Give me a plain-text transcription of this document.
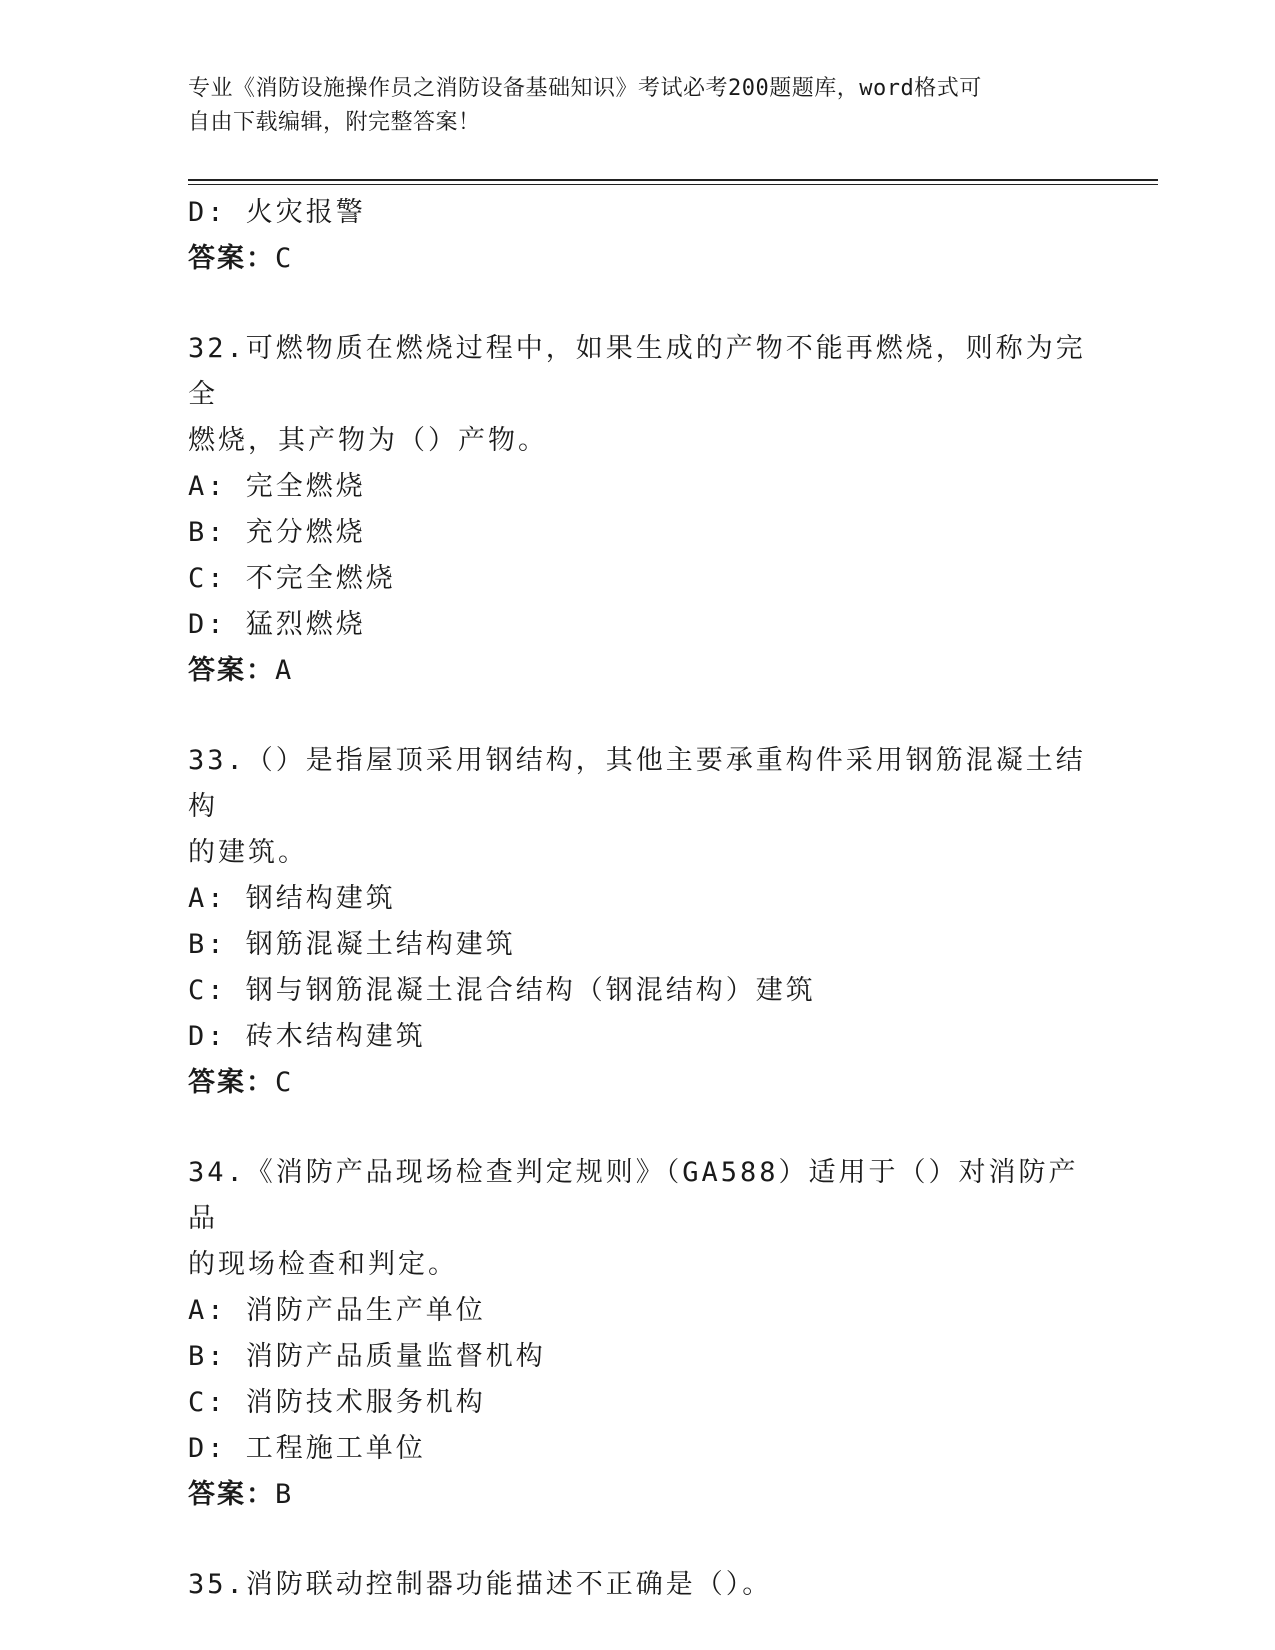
专业《消防设施操作员之消防设备基础知识》考试必考200题题库，word格式可
自由下载编辑，附完整答案！
D: 火灾报警
答案：C
32.可燃物质在燃烧过程中，如果生成的产物不能再燃烧，则称为完全
燃烧，其产物为（）产物。
A: 完全燃烧
B: 充分燃烧
C: 不完全燃烧
D: 猛烈燃烧
答案：A
33.（）是指屋顶采用钢结构，其他主要承重构件采用钢筋混凝土结构
的建筑。
A: 钢结构建筑
B: 钢筋混凝土结构建筑
C: 钢与钢筋混凝土混合结构（钢混结构）建筑
D: 砖木结构建筑
答案：C
34.《消防产品现场检查判定规则》（GA588）适用于（）对消防产品
的现场检查和判定。
A: 消防产品生产单位
B: 消防产品质量监督机构
C: 消防技术服务机构
D: 工程施工单位
答案：B
35.消防联动控制器功能描述不正确是（）。
